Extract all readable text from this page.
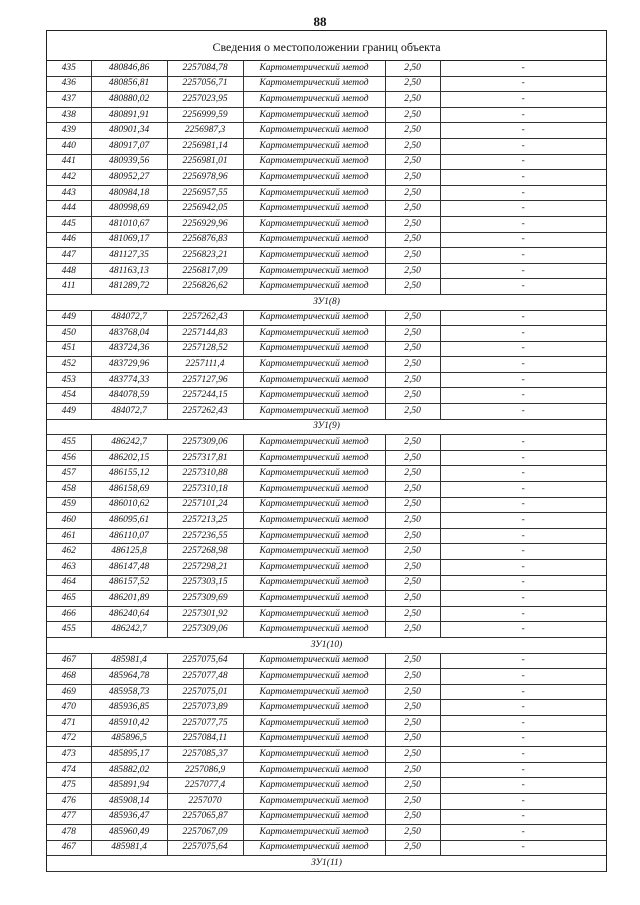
88
Сведения о местоположении границ объекта
435	480846,86	2257084,78	Картометрический метод	2,50	-
436	480856,81	2257056,71	Картометрический метод	2,50	-
437	480880,02	2257023,95	Картометрический метод	2,50	-
438	480891,91	2256999,59	Картометрический метод	2,50	-
439	480901,34	2256987,3	Картометрический метод	2,50	-
440	480917,07	2256981,14	Картометрический метод	2,50	-
441	480939,56	2256981,01	Картометрический метод	2,50	-
442	480952,27	2256978,96	Картометрический метод	2,50	-
443	480984,18	2256957,55	Картометрический метод	2,50	-
444	480998,69	2256942,05	Картометрический метод	2,50	-
445	481010,67	2256929,96	Картометрический метод	2,50	-
446	481069,17	2256876,83	Картометрический метод	2,50	-
447	481127,35	2256823,21	Картометрический метод	2,50	-
448	481163,13	2256817,09	Картометрический метод	2,50	-
411	481289,72	2256826,62	Картометрический метод	2,50	-
ЗУ1(8)					
449	484072,7	2257262,43	Картометрический метод	2,50	-
450	483768,04	2257144,83	Картометрический метод	2,50	-
451	483724,36	2257128,52	Картометрический метод	2,50	-
452	483729,96	2257111,4	Картометрический метод	2,50	-
453	483774,33	2257127,96	Картометрический метод	2,50	-
454	484078,59	2257244,15	Картометрический метод	2,50	-
449	484072,7	2257262,43	Картометрический метод	2,50	-
ЗУ1(9)					
455	486242,7	2257309,06	Картометрический метод	2,50	-
456	486202,15	2257317,81	Картометрический метод	2,50	-
457	486155,12	2257310,88	Картометрический метод	2,50	-
458	486158,69	2257310,18	Картометрический метод	2,50	-
459	486010,62	2257101,24	Картометрический метод	2,50	-
460	486095,61	2257213,25	Картометрический метод	2,50	-
461	486110,07	2257236,55	Картометрический метод	2,50	-
462	486125,8	2257268,98	Картометрический метод	2,50	-
463	486147,48	2257298,21	Картометрический метод	2,50	-
464	486157,52	2257303,15	Картометрический метод	2,50	-
465	486201,89	2257309,69	Картометрический метод	2,50	-
466	486240,64	2257301,92	Картометрический метод	2,50	-
455	486242,7	2257309,06	Картометрический метод	2,50	-
ЗУ1(10)					
467	485981,4	2257075,64	Картометрический метод	2,50	-
468	485964,78	2257077,48	Картометрический метод	2,50	-
469	485958,73	2257075,01	Картометрический метод	2,50	-
470	485936,85	2257073,89	Картометрический метод	2,50	-
471	485910,42	2257077,75	Картометрический метод	2,50	-
472	485896,5	2257084,11	Картометрический метод	2,50	-
473	485895,17	2257085,37	Картометрический метод	2,50	-
474	485882,02	2257086,9	Картометрический метод	2,50	-
475	485891,94	2257077,4	Картометрический метод	2,50	-
476	485908,14	2257070	Картометрический метод	2,50	-
477	485936,47	2257065,87	Картометрический метод	2,50	-
478	485960,49	2257067,09	Картометрический метод	2,50	-
467	485981,4	2257075,64	Картометрический метод	2,50	-
ЗУ1(11)					
